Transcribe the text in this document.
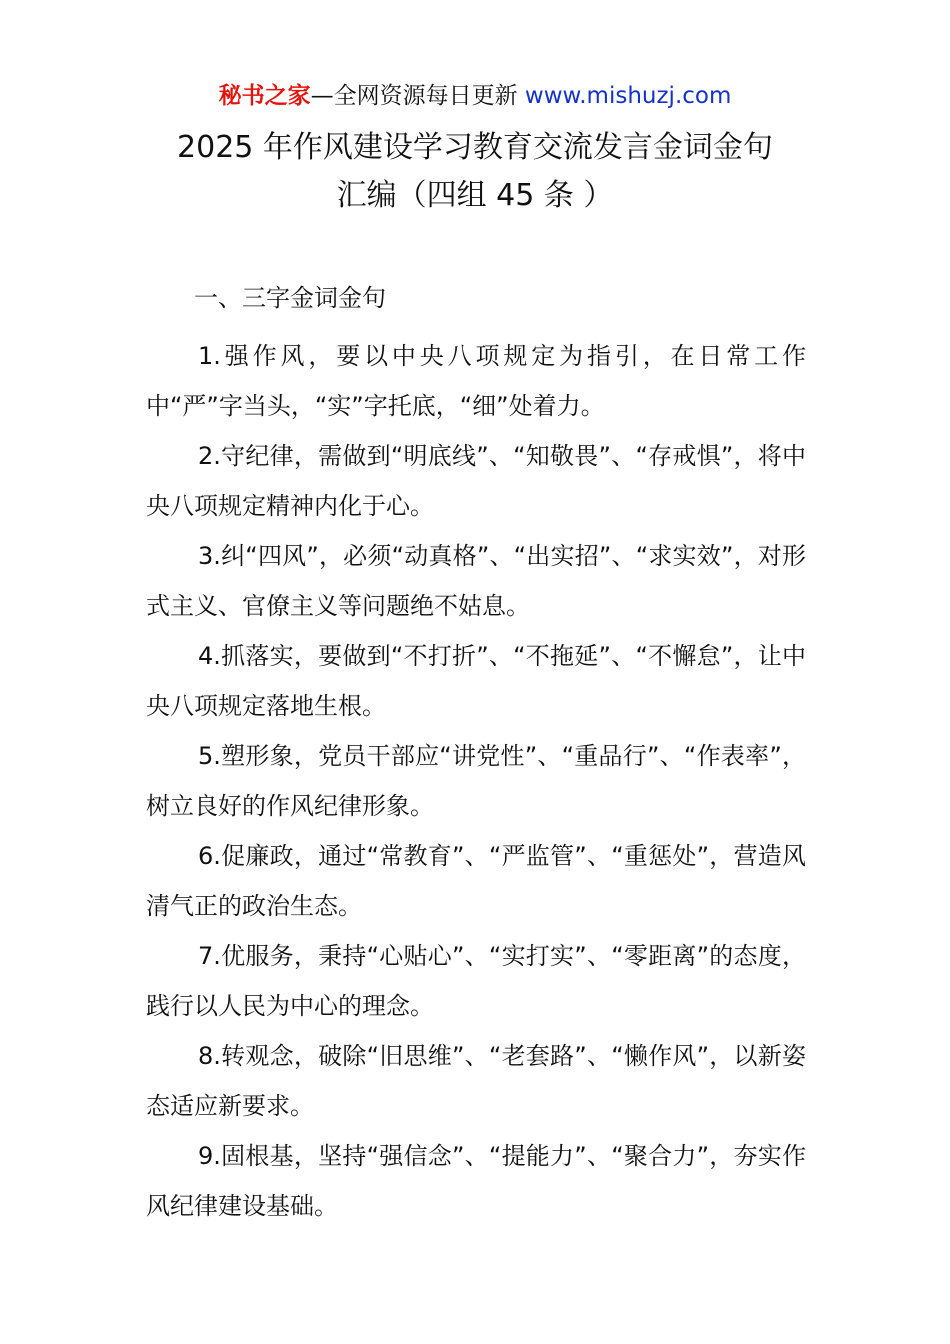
秘书之家—全网资源每日更新 www.mishuzj.com
2025 年作风建设学习教育交流发言金词金句
汇编（四组 45 条 ）
一、三字金词金句

1.强作风，要以中央八项规定为指引，在日常工作中“严”字当头，“实”字托底，“细”处着力。

2.守纪律，需做到“明底线”、“知敬畏”、“存戒惧”，将中央八项规定精神内化于心。

3.纠“四风”，必须“动真格”、“出实招”、“求实效”，对形式主义、官僚主义等问题绝不姑息。

4.抓落实，要做到“不打折”、“不拖延”、“不懈怠”，让中央八项规定落地生根。

5.塑形象，党员干部应“讲党性”、“重品行”、“作表率”，树立良好的作风纪律形象。

6.促廉政，通过“常教育”、“严监管”、“重惩处”，营造风清气正的政治生态。

7.优服务，秉持“心贴心”、“实打实”、“零距离”的态度，践行以人民为中心的理念。

8.转观念，破除“旧思维”、“老套路”、“懒作风”，以新姿态适应新要求。

9.固根基，坚持“强信念”、“提能力”、“聚合力”，夯实作风纪律建设基础。
